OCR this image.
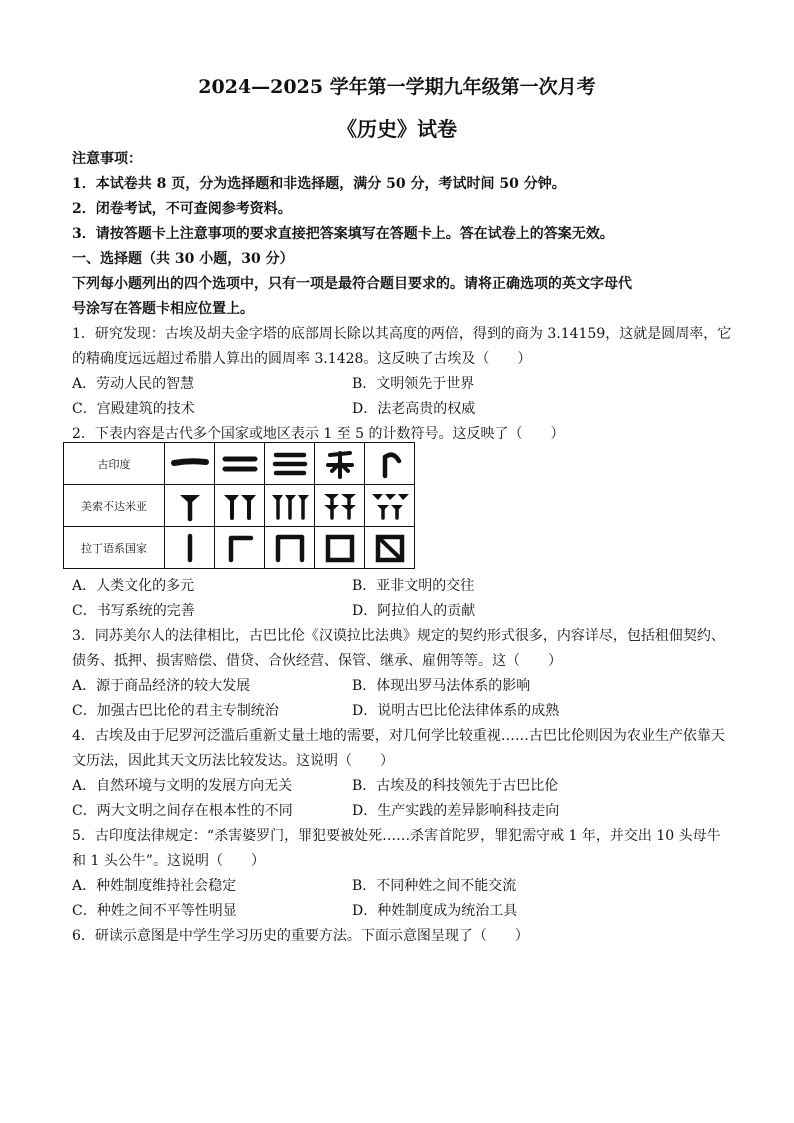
2024—2025 学年第一学期九年级第一次月考
《历史》试卷
注意事项：
1．本试卷共 8 页，分为选择题和非选择题，满分 50 分，考试时间 50 分钟。
2．闭卷考试，不可查阅参考资料。
3．请按答题卡上注意事项的要求直接把答案填写在答题卡上。答在试卷上的答案无效。
一、选择题（共 30 小题，30 分）
下列每小题列出的四个选项中，只有一项是最符合题目要求的。请将正确选项的英文字母代
号涂写在答题卡相应位置上。
1．研究发现：古埃及胡夫金字塔的底部周长除以其高度的两倍，得到的商为 3.14159，这就是圆周率，它
的精确度远远超过希腊人算出的圆周率 3.1428。这反映了古埃及（　　）
A．劳动人民的智慧	B．文明领先于世界
C．宫殿建筑的技术	D．法老高贵的权威
2．下表内容是古代多个国家或地区表示 1 至 5 的计数符号。这反映了（　　）
古印度	

美索不达米亚	

拉丁语系国家	

A．人类文化的多元	B．亚非文明的交往
C．书写系统的完善	D．阿拉伯人的贡献
3．同苏美尔人的法律相比，古巴比伦《汉谟拉比法典》规定的契约形式很多，内容详尽，包括租佃契约、
债务、抵押、损害赔偿、借贷、合伙经营、保管、继承、雇佣等等。这（　　）
A．源于商品经济的较大发展	B．体现出罗马法体系的影响
C．加强古巴比伦的君主专制统治	D．说明古巴比伦法律体系的成熟
4．古埃及由于尼罗河泛滥后重新丈量土地的需要，对几何学比较重视……古巴比伦则因为农业生产依靠天
文历法，因此其天文历法比较发达。这说明（　　）
A．自然环境与文明的发展方向无关	B．古埃及的科技领先于古巴比伦
C．两大文明之间存在根本性的不同	D．生产实践的差异影响科技走向
5．古印度法律规定：“杀害婆罗门，罪犯要被处死……杀害首陀罗，罪犯需守戒 1 年，并交出 10 头母牛
和 1 头公牛”。这说明（　　）
A．种姓制度维持社会稳定	B．不同种姓之间不能交流
C．种姓之间不平等性明显	D．种姓制度成为统治工具
6．研读示意图是中学生学习历史的重要方法。下面示意图呈现了（　　）
